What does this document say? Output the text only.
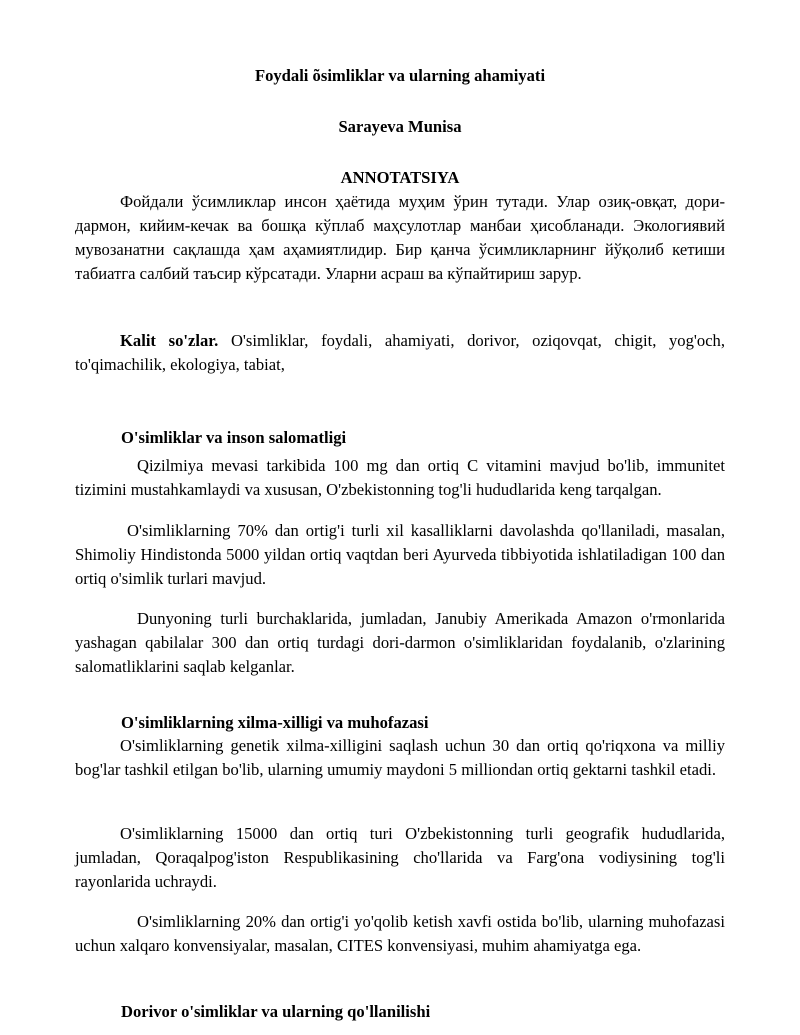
Foydali õsimliklar va ularning ahamiyati
Sarayeva Munisa
ANNOTATSIYA

Фойдали ўсимликлар инсон ҳаётида муҳим ўрин тутади. Улар озиқ-овқат, дори-дармон, кийим-кечак ва бошқа кўплаб маҳсулотлар манбаи ҳисобланади. Экологиявий мувозанатни сақлашда ҳам аҳамиятлидир. Бир қанча ўсимликларнинг йўқолиб кетиши табиатга салбий таъсир кўрсатади. Уларни асраш ва кўпайтириш зарур.

Kalit so'zlar. O'simliklar, foydali, ahamiyati, dorivor, oziqovqat, chigit, yog'och, to'qimachilik, ekologiya, tabiat,

O'simliklar va inson salomatligi

Qizilmiya mevasi tarkibida 100 mg dan ortiq C vitamini mavjud bo'lib, immunitet tizimini mustahkamlaydi va xususan, O'zbekistonning tog'li hududlarida keng tarqalgan.

O'simliklarning 70% dan ortig'i turli xil kasalliklarni davolashda qo'llaniladi, masalan, Shimoliy Hindistonda 5000 yildan ortiq vaqtdan beri Ayurveda tibbiyotida ishlatiladigan 100 dan ortiq o'simlik turlari mavjud.

Dunyoning turli burchaklarida, jumladan, Janubiy Amerikada Amazon o'rmonlarida yashagan qabilalar 300 dan ortiq turdagi dori-darmon o'simliklaridan foydalanib, o'zlarining salomatliklarini saqlab kelganlar.

O'simliklarning xilma-xilligi va muhofazasi

O'simliklarning genetik xilma-xilligini saqlash uchun 30 dan ortiq qo'riqxona va milliy bog'lar tashkil etilgan bo'lib, ularning umumiy maydoni 5 milliondan ortiq gektarni tashkil etadi.

O'simliklarning 15000 dan ortiq turi O'zbekistonning turli geografik hududlarida, jumladan, Qoraqalpog'iston Respublikasining cho'llarida va Farg'ona vodiysining tog'li rayonlarida uchraydi.

O'simliklarning 20% dan ortig'i yo'qolib ketish xavfi ostida bo'lib, ularning muhofazasi uchun xalqaro konvensiyalar, masalan, CITES konvensiyasi, muhim ahamiyatga ega.

Dorivor o'simliklar va ularning qo'llanilishi
